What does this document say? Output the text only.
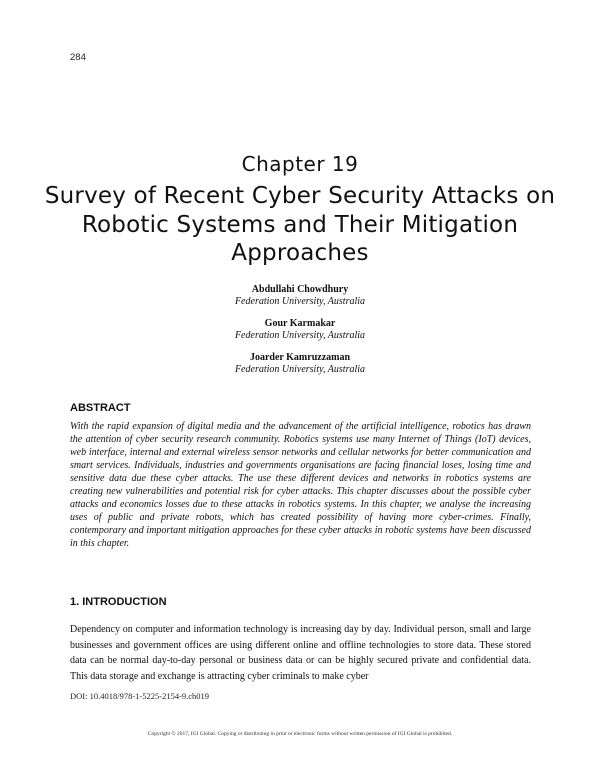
284
Chapter 19
Survey of Recent Cyber Security Attacks on Robotic Systems and Their Mitigation Approaches
Abdullahi Chowdhury
Federation University, Australia
Gour Karmakar
Federation University, Australia
Joarder Kamruzzaman
Federation University, Australia
ABSTRACT

With the rapid expansion of digital media and the advancement of the artificial intelligence, robotics has drawn the attention of cyber security research community. Robotics systems use many Internet of Things (IoT) devices, web interface, internal and external wireless sensor networks and cellular networks for better communication and smart services. Individuals, industries and governments organisations are facing financial loses, losing time and sensitive data due these cyber attacks. The use these different devices and networks in robotics systems are creating new vulnerabilities and potential risk for cyber attacks. This chapter discusses about the possible cyber attacks and economics losses due to these attacks in robotics systems. In this chapter, we analyse the increasing uses of public and private robots, which has created possibility of having more cyber-crimes. Finally, contemporary and important mitigation approaches for these cyber attacks in robotic systems have been discussed in this chapter.

1. INTRODUCTION

Dependency on computer and information technology is increasing day by day. Individual person, small and large businesses and government offices are using different online and offline technologies to store data. These stored data can be normal day-to-day personal or business data or can be highly secured private and confidential data. This data storage and exchange is attracting cyber criminals to make cyber

DOI: 10.4018/978-1-5225-2154-9.ch019
Copyright © 2017, IGI Global. Copying or distributing in print or electronic forms without written permission of IGI Global is prohibited.
